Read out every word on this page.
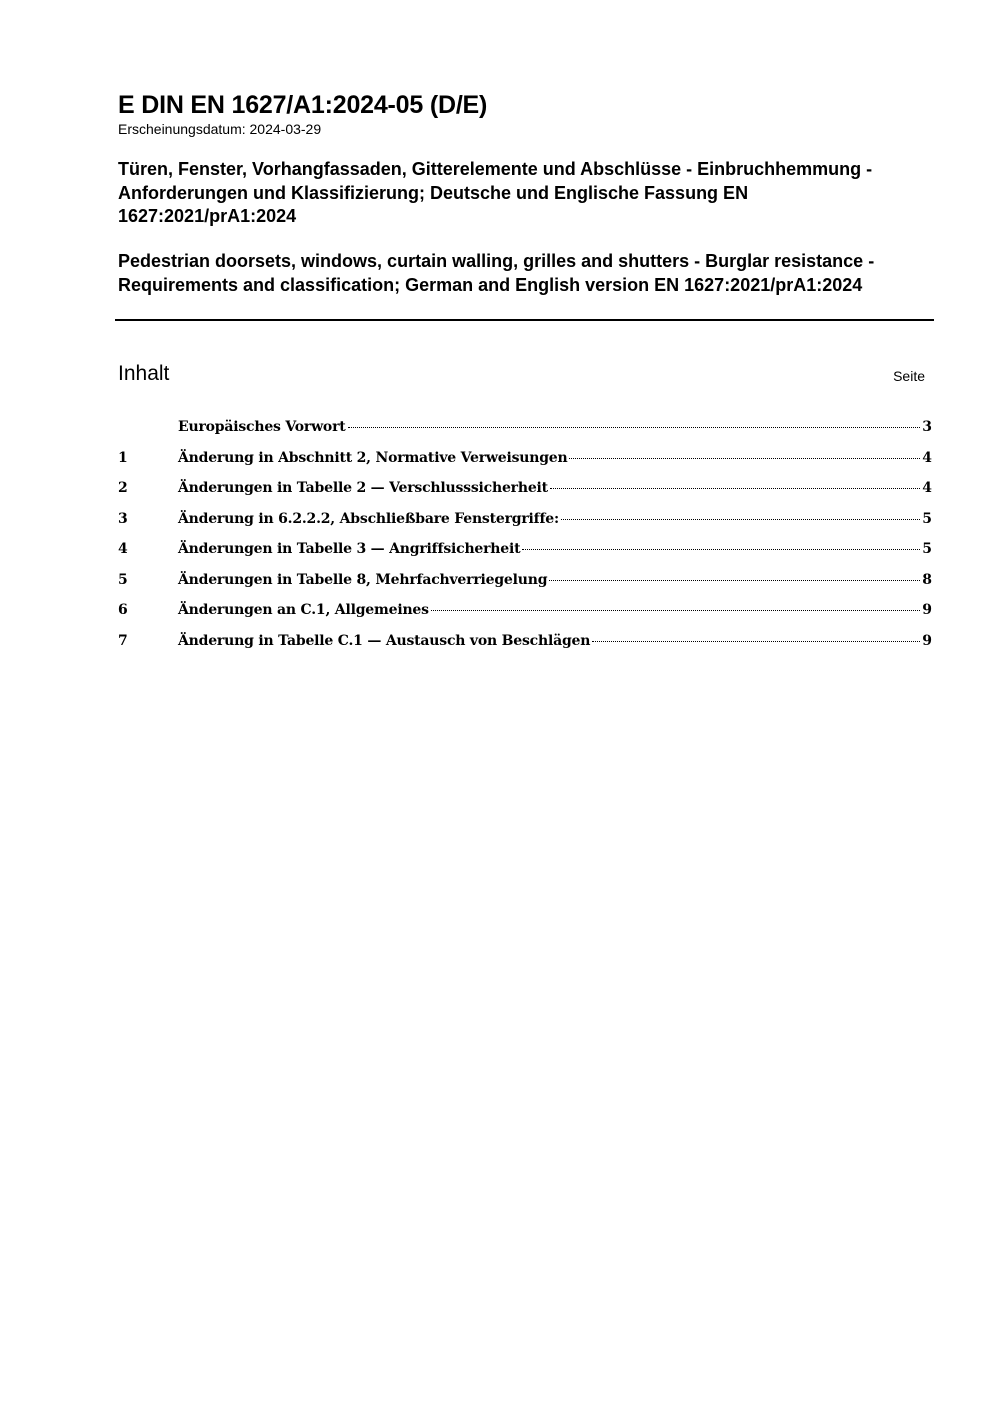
E DIN EN 1627/A1:2024-05 (D/E)
Erscheinungsdatum: 2024-03-29
Türen, Fenster, Vorhangfassaden, Gitterelemente und Abschlüsse - Einbruchhemmung - Anforderungen und Klassifizierung; Deutsche und Englische Fassung EN 1627:2021/prA1:2024
Pedestrian doorsets, windows, curtain walling, grilles and shutters - Burglar resistance - Requirements and classification; German and English version EN 1627:2021/prA1:2024
Inhalt	Seite
Europäisches Vorwort	3
1	Änderung in Abschnitt 2, Normative Verweisungen	4
2	Änderungen in Tabelle 2 — Verschlusssicherheit	4
3	Änderung in 6.2.2.2, Abschließbare Fenstergriffe:	5
4	Änderungen in Tabelle 3 — Angriffsicherheit	5
5	Änderungen in Tabelle 8, Mehrfachverriegelung	8
6	Änderungen an C.1, Allgemeines	9
7	Änderung in Tabelle C.1 — Austausch von Beschlägen	9
